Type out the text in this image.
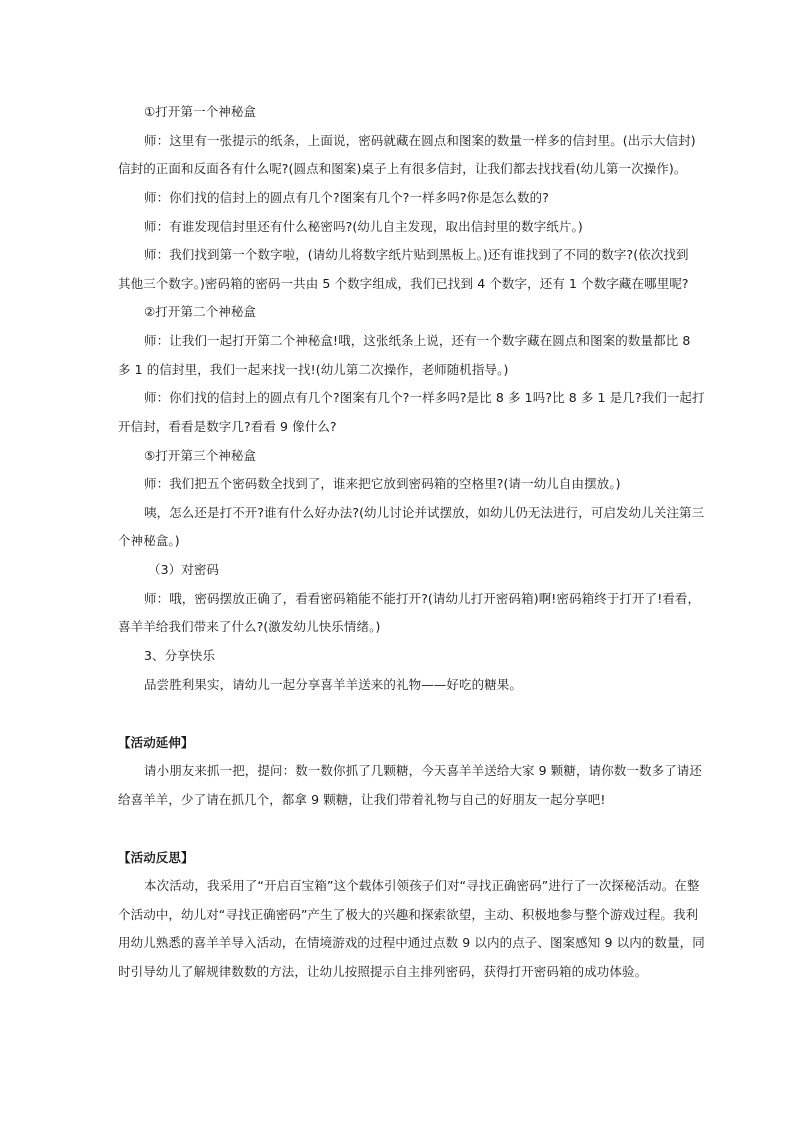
①打开第一个神秘盒
师：这里有一张提示的纸条，上面说，密码就藏在圆点和图案的数量一样多的信封里。(出示大信封)
信封的正面和反面各有什么呢?(圆点和图案)桌子上有很多信封，让我们都去找找看(幼儿第一次操作)。
师：你们找的信封上的圆点有几个?图案有几个?一样多吗?你是怎么数的?
师：有谁发现信封里还有什么秘密吗?(幼儿自主发现，取出信封里的数字纸片。)
师：我们找到第一个数字啦，(请幼儿将数字纸片贴到黑板上。)还有谁找到了不同的数字?(依次找到
其他三个数字。)密码箱的密码一共由 5 个数字组成，我们已找到 4 个数字，还有 1 个数字藏在哪里呢?
②打开第二个神秘盒
师：让我们一起打开第二个神秘盒!哦，这张纸条上说，还有一个数字藏在圆点和图案的数量都比 8
多 1 的信封里，我们一起来找一找!(幼儿第二次操作，老师随机指导。)
师：你们找的信封上的圆点有几个?图案有几个?一样多吗?是比 8 多 1吗?比 8 多 1 是几?我们一起打
开信封，看看是数字几?看看 9 像什么?
⑤打开第三个神秘盒
师：我们把五个密码数全找到了，谁来把它放到密码箱的空格里?(请一幼儿自由摆放。)
咦，怎么还是打不开?谁有什么好办法?(幼儿讨论并试摆放，如幼儿仍无法进行，可启发幼儿关注第三
个神秘盒。)
（3）对密码
师：哦，密码摆放正确了，看看密码箱能不能打开?(请幼儿打开密码箱)啊!密码箱终于打开了!看看，
喜羊羊给我们带来了什么?(激发幼儿快乐情绪。)
3、分享快乐
品尝胜利果实，请幼儿一起分享喜羊羊送来的礼物——好吃的糖果。
【活动延伸】
请小朋友来抓一把，提问：数一数你抓了几颗糖，今天喜羊羊送给大家 9 颗糖，请你数一数多了请还
给喜羊羊，少了请在抓几个，都拿 9 颗糖，让我们带着礼物与自己的好朋友一起分享吧!
【活动反思】
本次活动，我采用了“开启百宝箱”这个载体引领孩子们对“寻找正确密码”进行了一次探秘活动。在整
个活动中，幼儿对“寻找正确密码”产生了极大的兴趣和探索欲望，主动、积极地参与整个游戏过程。我利
用幼儿熟悉的喜羊羊导入活动，在情境游戏的过程中通过点数 9 以内的点子、图案感知 9 以内的数量，同
时引导幼儿了解规律数数的方法，让幼儿按照提示自主排列密码，获得打开密码箱的成功体验。
